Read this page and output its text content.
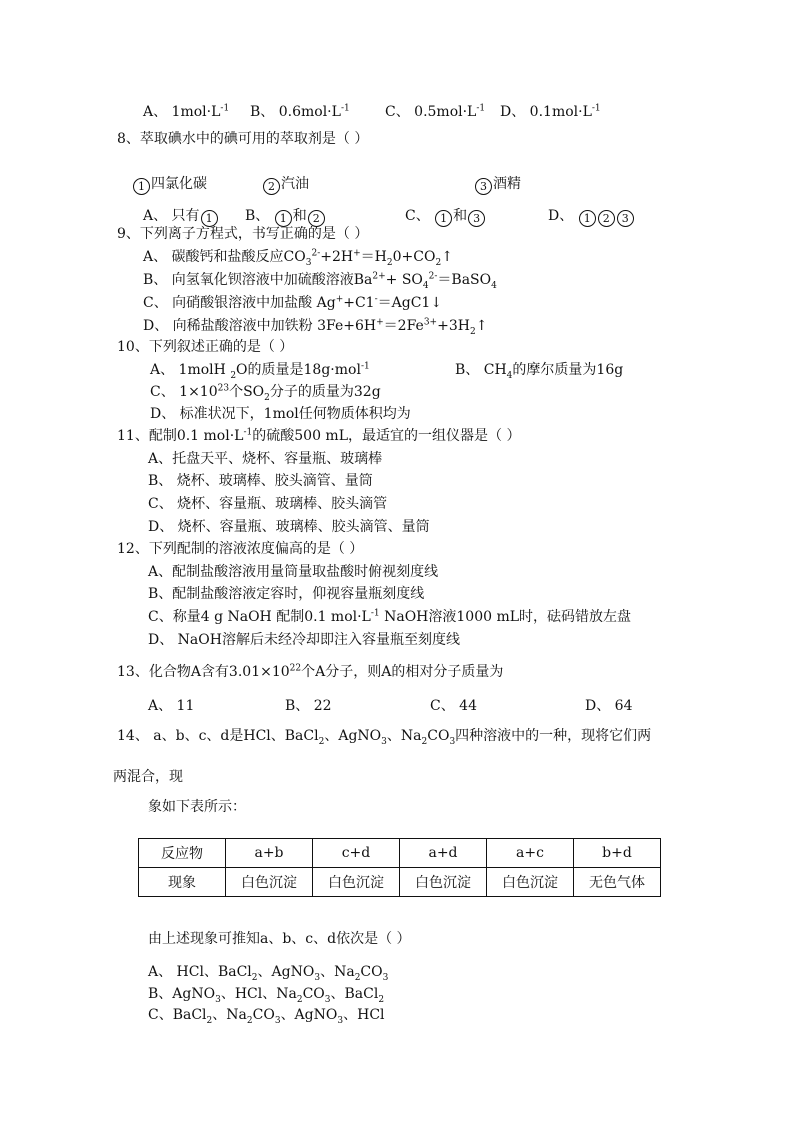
A、 $1mol\cdot L^{-1}$ B、 $0.6mol\cdot L^{-1}$	C、 $0.5mol\cdot L^{-1}$ D、 $0.1mol\cdot L^{-1}$
8、萃取碘水中的碘可用的萃取剂是（ ）
1 四氯化碳	2 汽油	3 酒精
A、 只有 1	B、 1 和 2	C、 1 和 3	D、 1 2 3
9、下列离子方程式，书写正确的是（ ）
A、 碳酸钙和盐酸反应$CO_3^{2-}+2H^+=H_20+CO_2↑$
B、 向氢氧化钡溶液中加硫酸溶液$Ba^{2+}+$ $SO_4^{2-}=BaSO_4$
C、 向硝酸银溶液中加盐酸 Ag++C1-＝AgC1↓
D、 向稀盐酸溶液中加铁粉 $3Fe+6H^+=2Fe^{3+}+3H_2↑$
10、下列叙述正确的是（ ）
A、 1molH $_2$O的质量是18g·mol$^{-1}$	B、 $CH_4$的摩尔质量为16g
C、 $1\times 10^{23}$个$SO_2$分子的质量为32g
D、 标准状况下，1mol任何物质体积均为
11、配制0.1 $mol\cdot L^{-1}$的硫酸500 mL，最适宜的一组仪器是（ ）
A、托盘天平、烧杯、容量瓶、玻璃棒
B、 烧杯、玻璃棒、胶头滴管、量筒
C、 烧杯、容量瓶、玻璃棒、胶头滴管
D、 烧杯、容量瓶、玻璃棒、胶头滴管、量筒
12、下列配制的溶液浓度偏高的是（ ）
A、配制盐酸溶液用量筒量取盐酸时俯视刻度线
B、配制盐酸溶液定容时，仰视容量瓶刻度线
C、称量4 g NaOH 配制0.1 $mol\cdot L^{-1}$ NaOH溶液1000 mL时，砝码错放左盘
D、 NaOH溶解后未经冷却即注入容量瓶至刻度线
13、化合物A含有$3.01\times 10^{22}$个A分子，则A的相对分子质量为
A、 11	B、 22	C、 44	D、 64
14、 a、b、c、d是HCl、BaCl$_2$、AgNO$_3$、$Na_2CO_3$四种溶液中的一种，现将它们两
两混合，现
象如下表所示：
反应物	a+b	c+d	a+d	a+c	b+d
现象	白色沉淀	白色沉淀	白色沉淀	白色沉淀	无色气体
由上述现象可推知a、b、c、d依次是（ ）
A、 HCl、BaCl$_2$、AgNO$_3$、$Na_2CO_3$
B、AgNO$_3$、HCl、$Na_2CO_3$、BaCl$_2$
C、BaCl$_2$、$Na_2CO_3$、AgNO$_3$、HCl
